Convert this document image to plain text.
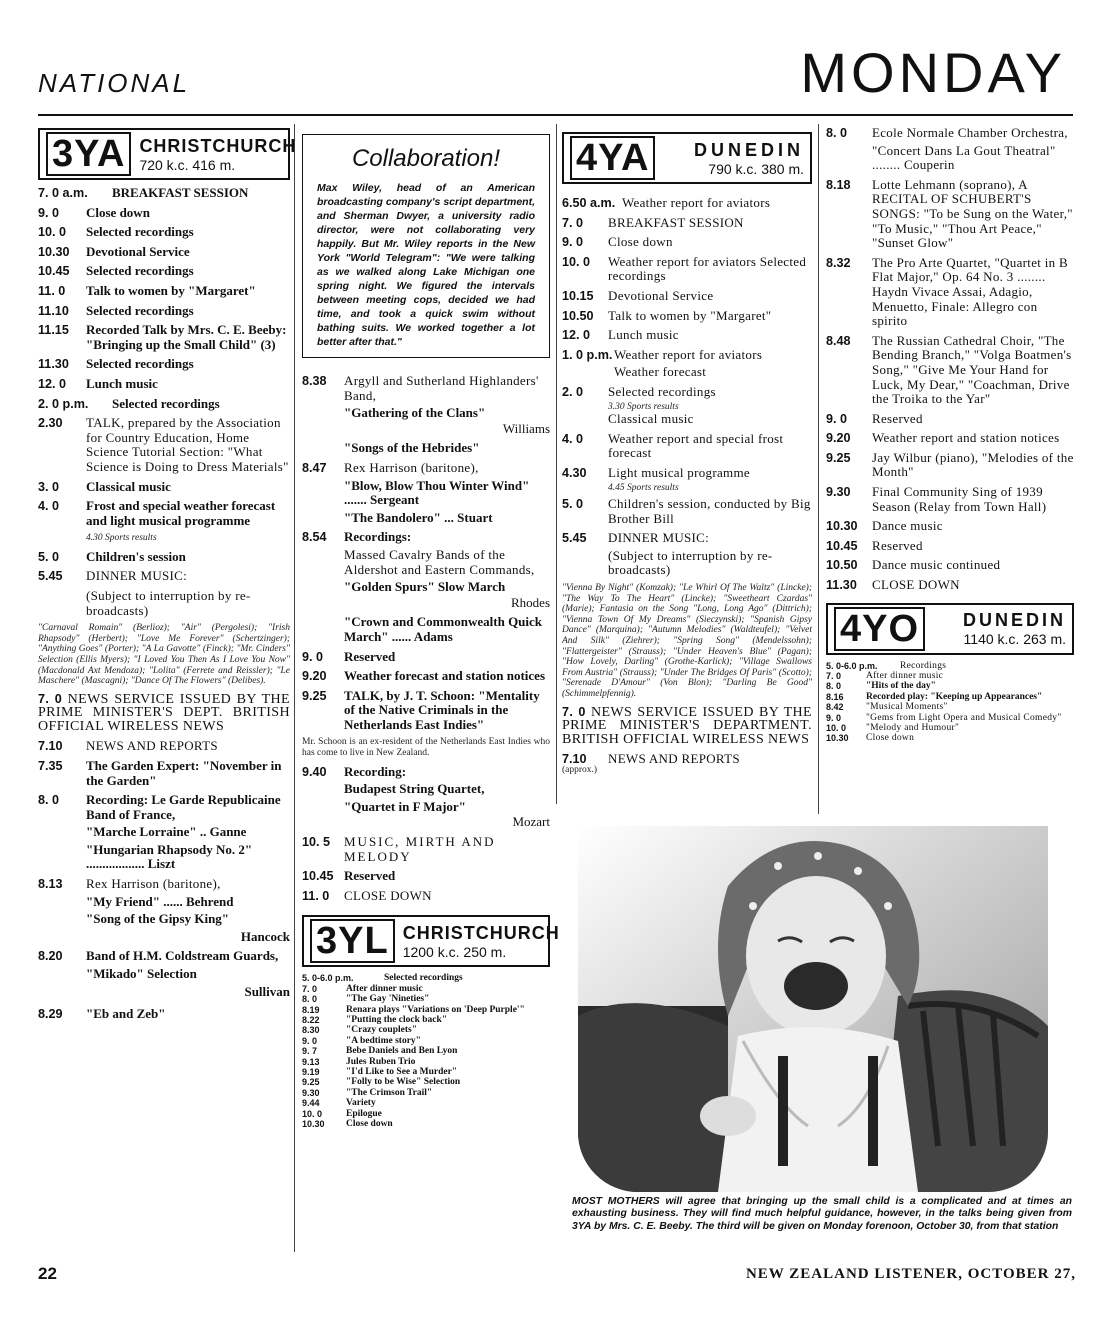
NATIONAL	MONDAY
3YA CHRISTCHURCH
720 k.c. 416 m.
7. 0 a.m.	BREAKFAST SESSION
9. 0	Close down
10. 0	Selected recordings
10.30	Devotional Service
10.45	Selected recordings
11. 0	Talk to women by "Margaret"
11.10	Selected recordings
11.15	Recorded Talk by Mrs. C. E. Beeby: "Bringing up the Small Child" (3)
11.30	Selected recordings
12. 0	Lunch music
2. 0 p.m.	Selected recordings
2.30	TALK, prepared by the Association for Country Education, Home Science Tutorial Section: "What Science is Doing to Dress Materials"
3. 0	Classical music
4. 0	Frost and special weather forecast and light musical programme
4.30 Sports results
5. 0	Children's session
5.45	DINNER MUSIC:
(Subject to interruption by re-broadcasts)
"Carnaval Romain" (Berlioz); "Air" (Pergolesi); "Irish Rhapsody" (Herbert); "Love Me Forever" (Schertzinger); "Anything Goes" (Porter); "A La Gavotte" (Finck); "Mr. Cinders" Selection (Ellis Myers); "I Loved You Then As I Love You Now" (Macdonald Axt Mendoza); "Lolita" (Ferrete and Reissler); "Le Maschere" (Mascagni); "Dance Of The Flowers" (Delibes).
7. 0 NEWS SERVICE ISSUED BY THE PRIME MINISTER'S DEPT. BRITISH OFFICIAL WIRELESS NEWS
7.10	NEWS AND REPORTS
7.35	The Garden Expert: "November in the Garden"
8. 0	Recording: Le Garde Republicaine Band of France,
"Marche Lorraine" .. Ganne
"Hungarian Rhapsody No. 2" .................. Liszt
8.13	Rex Harrison (baritone),
"My Friend" ...... Behrend
"Song of the Gipsy King"
Hancock
8.20	Band of H.M. Coldstream Guards,
"Mikado" Selection
Sullivan
8.29	"Eb and Zeb"
Collaboration!

Max Wiley, head of an American broadcasting company's script department, and Sherman Dwyer, a university radio director, were not collaborating very happily. But Mr. Wiley reports in the New York "World Telegram": "We were talking as we walked along Lake Michigan one spring night. We figured the intervals between meeting cops, decided we had time, and took a quick swim without bathing suits. We worked together a lot better after that."

8.38	Argyll and Sutherland Highlanders' Band,
"Gathering of the Clans"
Williams
"Songs of the Hebrides"
8.47	Rex Harrison (baritone),
"Blow, Blow Thou Winter Wind" ....... Sergeant
"The Bandolero" ... Stuart
8.54	Recordings:
Massed Cavalry Bands of the Aldershot and Eastern Commands,
"Golden Spurs" Slow March
Rhodes
"Crown and Commonwealth Quick March" ...... Adams
9. 0	Reserved
9.20	Weather forecast and station notices
9.25	TALK, by J. T. Schoon: "Mentality of the Native Criminals in the Netherlands East Indies"
Mr. Schoon is an ex-resident of the Netherlands East Indies who has come to live in New Zealand.
9.40	Recording:
Budapest String Quartet,
"Quartet in F Major"
Mozart
10. 5	MUSIC, MIRTH AND MELODY
10.45 Reserved
11. 0	CLOSE DOWN
3YL CHRISTCHURCH
1200 k.c. 250 m.
5. 0-6.0 p.m.	Selected recordings
7. 0	After dinner music
8. 0	"The Gay 'Nineties"
8.19	Renara plays "Variations on 'Deep Purple'"
8.22	"Putting the clock back"
8.30	"Crazy couplets"
9. 0	"A bedtime story"
9. 7	Bebe Daniels and Ben Lyon
9.13	Jules Ruben Trio
9.19	"I'd Like to See a Murder"
9.25	"Folly to be Wise" Selection
9.30	"The Crimson Trail"
9.44	Variety
10. 0	Epilogue
10.30	Close down
4YA	DUNEDIN
790 k.c. 380 m.
6.50 a.m. Weather report for aviators
7. 0	BREAKFAST SESSION
9. 0	Close down
10. 0	Weather report for aviators Selected recordings
10.15	Devotional Service
10.50	Talk to women by "Margaret"
12. 0	Lunch music
1. 0 p.m. Weather report for aviators
Weather forecast
2. 0	Selected recordings
3.30 Sports results
Classical music
4. 0	Weather report and special frost forecast
4.30	Light musical programme
4.45 Sports results
5. 0	Children's session, conducted by Big Brother Bill
5.45	DINNER MUSIC:
(Subject to interruption by re-broadcasts)
"Vienna By Night" (Komzak); "Le Whirl Of The Waltz" (Lincke); "The Way To The Heart" (Lincke); "Sweetheart Czardas" (Marie); Fantasia on the Song "Long, Long Ago" (Dittrich); "Vienna Town Of My Dreams" (Sieczynski); "Spanish Gipsy Dance" (Marquina); "Autumn Melodies" (Waldteufel); "Velvet And Silk" (Ziehrer); "Spring Song" (Mendelssohn); "Flattergeister" (Strauss); "Under Heaven's Blue" (Pagan); "How Lovely, Darling" (Grothe-Karlick); "Village Swallows From Austria" (Strauss); "Under The Bridges Of Paris" (Scotto); "Serenade D'Amour" (Von Blon); "Darling Be Good" (Schimmelpfennig).
7. 0 NEWS SERVICE ISSUED BY THE PRIME MINISTER'S DEPARTMENT. BRITISH OFFICIAL WIRELESS NEWS
7.10	NEWS AND REPORTS
(approx.)
8. 0	Ecole Normale Chamber Orchestra,
"Concert Dans La Gout Theatral" ........ Couperin
8.18	Lotte Lehmann (soprano), A RECITAL OF SCHUBERT'S SONGS: "To be Sung on the Water," "To Music," "Thou Art Peace," "Sunset Glow"
8.32	The Pro Arte Quartet, "Quartet in B Flat Major," Op. 64 No. 3 ........ Haydn Vivace Assai, Adagio, Menuetto, Finale: Allegro con spirito
8.48	The Russian Cathedral Choir, "The Bending Branch," "Volga Boatmen's Song," "Give Me Your Hand for Luck, My Dear," "Coachman, Drive the Troika to the Yar"
9. 0	Reserved
9.20	Weather report and station notices
9.25	Jay Wilbur (piano), "Melodies of the Month"
9.30	Final Community Sing of 1939 Season (Relay from Town Hall)
10.30	Dance music
10.45	Reserved
10.50	Dance music continued
11.30	CLOSE DOWN
4YO	DUNEDIN
1140 k.c. 263 m.
5. 0-6.0 p.m.	Recordings
7. 0	After dinner music
8. 0	"Hits of the day"
8.16	Recorded play: "Keeping up Appearances"
8.42	"Musical Moments"
9. 0	"Gems from Light Opera and Musical Comedy"
10. 0	"Melody and Humour"
10.30	Close down
MOST MOTHERS will agree that bringing up the small child is a complicated and at times an exhausting business. They will find much helpful guidance, however, in the talks being given from 3YA by Mrs. C. E. Beeby. The third will be given on Monday forenoon, October 30, from that station
22	NEW ZEALAND LISTENER, OCTOBER 27,
